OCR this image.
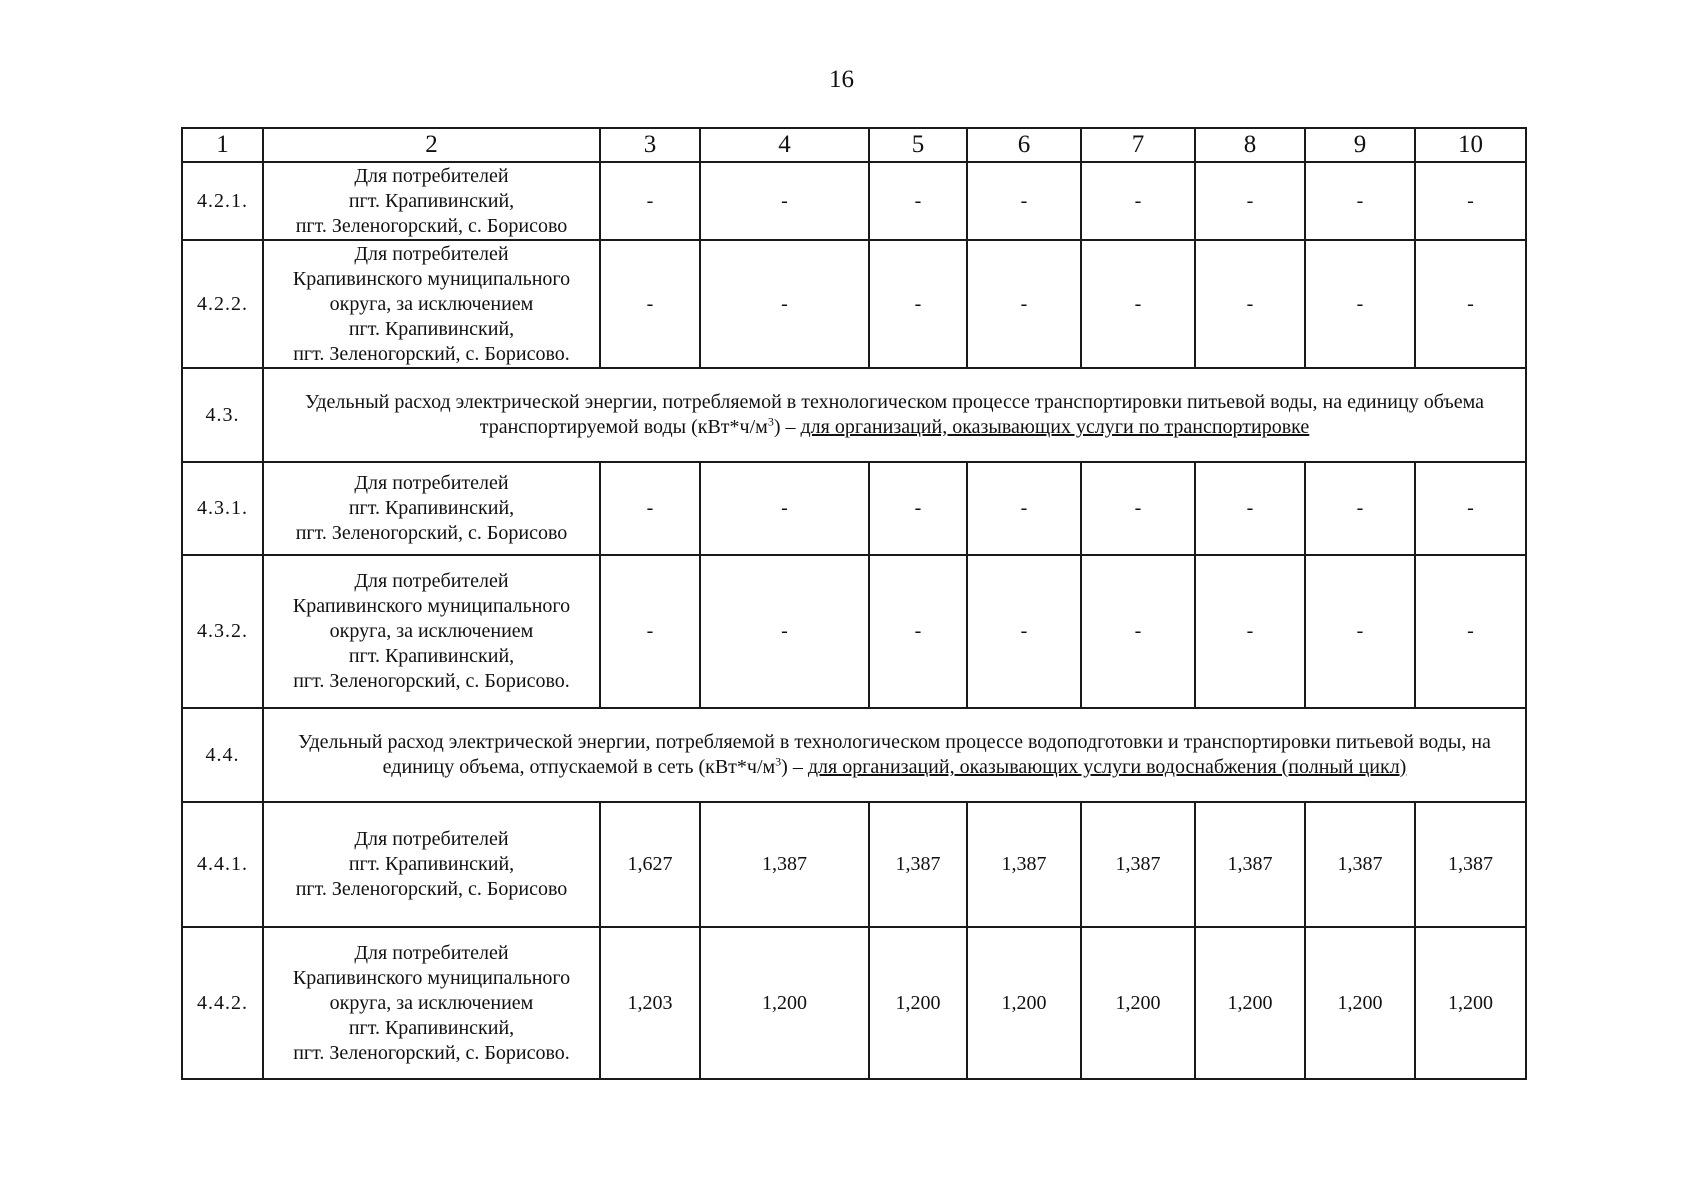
16
1	2	3	4	5	6	7	8	9	10
4.2.1.	Для потребителей
пгт. Крапивинский,
пгт. Зеленогорский, с. Борисово	-	-	-	-	-	-	-	-
4.2.2.	Для потребителей
Крапивинского муниципального
округа, за исключением
пгт. Крапивинский,
пгт. Зеленогорский, с. Борисово.	-	-	-	-	-	-	-	-
4.3.	Удельный расход электрической энергии, потребляемой в технологическом процессе транспортировки питьевой воды, на единицу объема транспортируемой воды $(кВт*ч/м^3)$ – для организаций, оказывающих услуги по транспортировке								
4.3.1.	Для потребителей
пгт. Крапивинский,
пгт. Зеленогорский, с. Борисово	-	-	-	-	-	-	-	-
4.3.2.	Для потребителей
Крапивинского муниципального
округа, за исключением
пгт. Крапивинский,
пгт. Зеленогорский, с. Борисово.	-	-	-	-	-	-	-	-
4.4.	Удельный расход электрической энергии, потребляемой в технологическом процессе водоподготовки и транспортировки питьевой воды, на единицу объема, отпускаемой в сеть $(кВт*ч/м^3)$ – для организаций, оказывающих услуги водоснабжения (полный цикл)								
4.4.1.	Для потребителей
пгт. Крапивинский,
пгт. Зеленогорский, с. Борисово	1,627	1,387	1,387	1,387	1,387	1,387	1,387	1,387
4.4.2.	Для потребителей
Крапивинского муниципального
округа, за исключением
пгт. Крапивинский,
пгт. Зеленогорский, с. Борисово.	1,203	1,200	1,200	1,200	1,200	1,200	1,200	1,200
